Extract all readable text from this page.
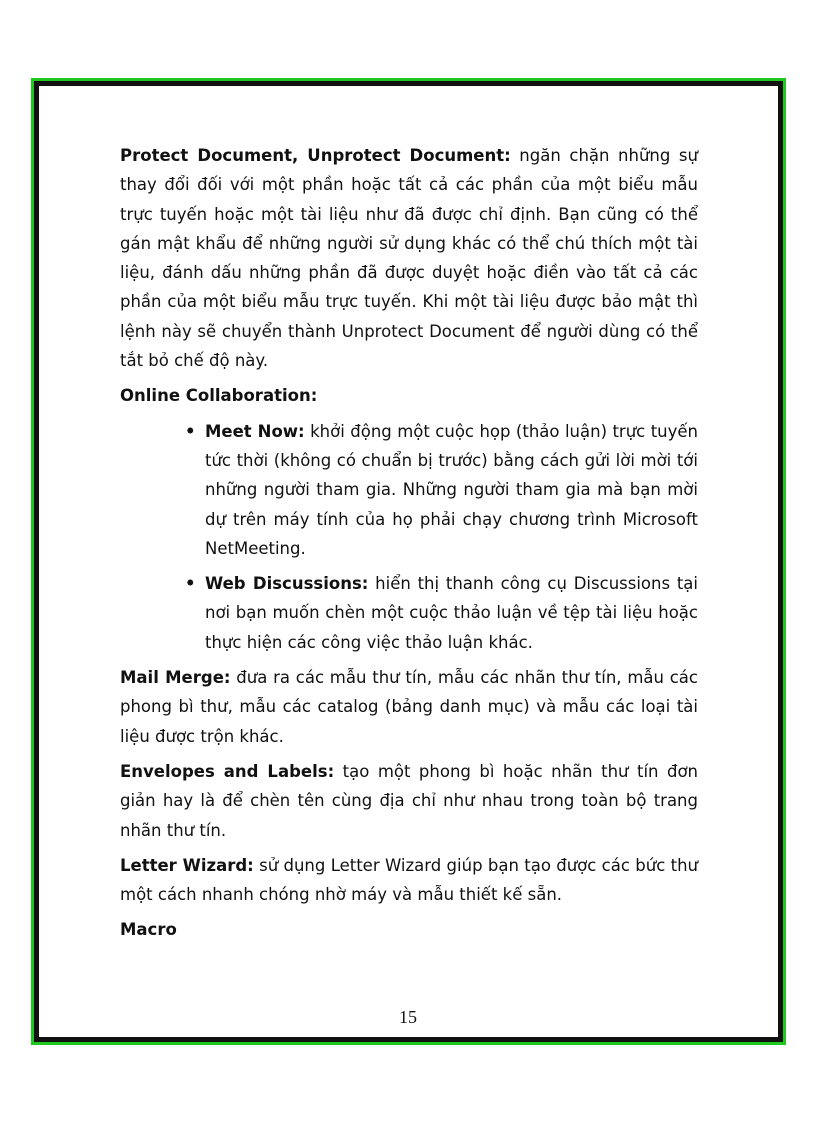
Protect Document, Unprotect Document: ngăn chặn những sự thay đổi đối với một phần hoặc tất cả các phần của một biểu mẫu trực tuyến hoặc một tài liệu như đã được chỉ định. Bạn cũng có thể gán mật khẩu để những người sử dụng khác có thể chú thích một tài liệu, đánh dấu những phần đã được duyệt hoặc điền vào tất cả các phần của một biểu mẫu trực tuyến. Khi một tài liệu được bảo mật thì lệnh này sẽ chuyển thành Unprotect Document để người dùng có thể tắt bỏ chế độ này.

Online Collaboration:

• Meet Now: khởi động một cuộc họp (thảo luận) trực tuyến tức thời (không có chuẩn bị trước) bằng cách gửi lời mời tới những người tham gia. Những người tham gia mà bạn mời dự trên máy tính của họ phải chạy chương trình Microsoft NetMeeting.
• Web Discussions: hiển thị thanh công cụ Discussions tại nơi bạn muốn chèn một cuộc thảo luận về tệp tài liệu hoặc thực hiện các công việc thảo luận khác.

Mail Merge: đưa ra các mẫu thư tín, mẫu các nhãn thư tín, mẫu các phong bì thư, mẫu các catalog (bảng danh mục) và mẫu các loại tài liệu được trộn khác.

Envelopes and Labels: tạo một phong bì hoặc nhãn thư tín đơn giản hay là để chèn tên cùng địa chỉ như nhau trong toàn bộ trang nhãn thư tín.

Letter Wizard: sử dụng Letter Wizard giúp bạn tạo được các bức thư một cách nhanh chóng nhờ máy và mẫu thiết kế sẵn.

Macro

15
